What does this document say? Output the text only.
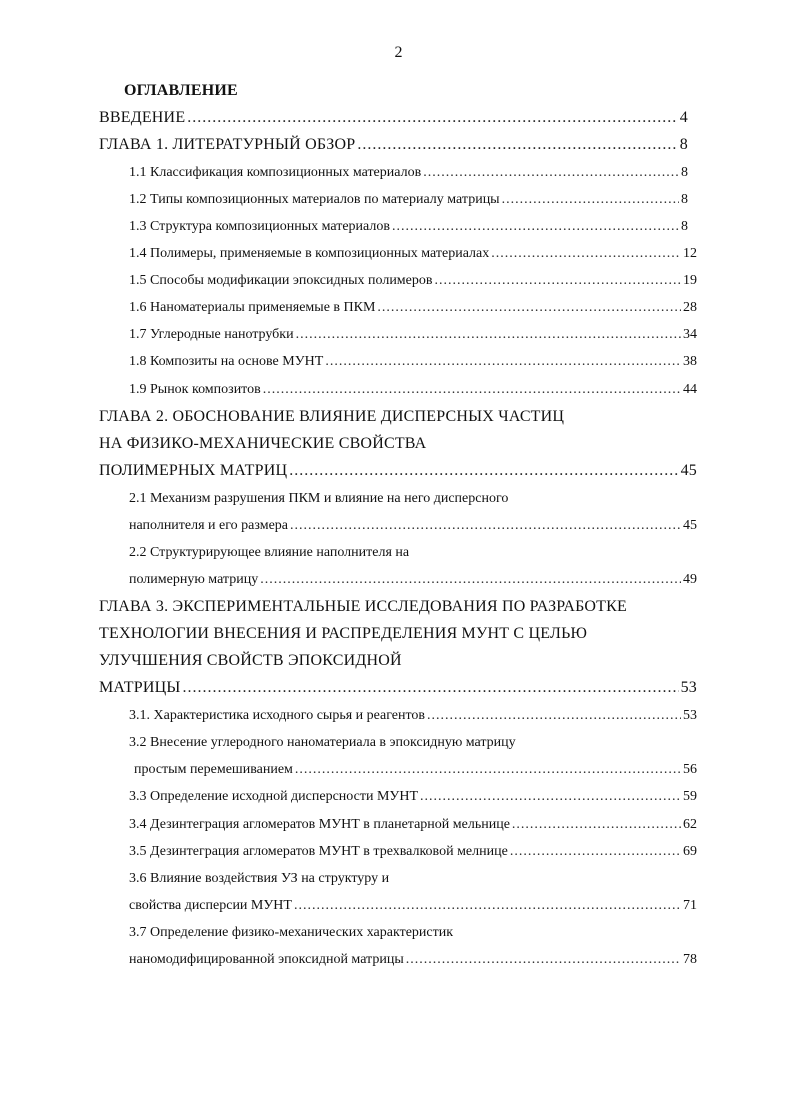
2
ОГЛАВЛЕНИЕ
ВВЕДЕНИЕ .....	4
ГЛАВА 1. ЛИТЕРАТУРНЫЙ ОБЗОР .....	8
1.1 Классификация композиционных материалов .....	8
1.2 Типы композиционных материалов по материалу матрицы .....	8
1.3 Структура композиционных материалов .....	8
1.4 Полимеры, применяемые в композиционных материалах .....	12
1.5 Способы модификации эпоксидных полимеров .....	19
1.6 Наноматериалы применяемые в ПКМ .....	28
1.7 Углеродные нанотрубки .....	34
1.8 Композиты на основе МУНТ .....	38
1.9 Рынок композитов .....	44
ГЛАВА 2. ОБОСНОВАНИЕ ВЛИЯНИЕ ДИСПЕРСНЫХ ЧАСТИЦ
НА ФИЗИКО-МЕХАНИЧЕСКИЕ СВОЙСТВА
ПОЛИМЕРНЫХ МАТРИЦ .....	45
2.1 Механизм разрушения ПКМ и влияние на него дисперсного
наполнителя и его размера .....	45
2.2 Структурирующее влияние наполнителя на
полимерную матрицу .....	49
ГЛАВА 3. ЭКСПЕРИМЕНТАЛЬНЫЕ ИССЛЕДОВАНИЯ ПО РАЗРАБОТКЕ
ТЕХНОЛОГИИ ВНЕСЕНИЯ И РАСПРЕДЕЛЕНИЯ МУНТ С ЦЕЛЬЮ
УЛУЧШЕНИЯ СВОЙСТВ ЭПОКСИДНОЙ
МАТРИЦЫ .....	53
3.1. Характеристика исходного сырья и реагентов .....	53
3.2 Внесение углеродного наноматериала в эпоксидную матрицу
простым перемешиванием .....	56
3.3 Определение исходной дисперсности МУНТ .....	59
3.4 Дезинтеграция агломератов МУНТ в планетарной мельнице .....	62
3.5 Дезинтеграция агломератов МУНТ в трехвалковой мелнице .....	69
3.6 Влияние воздействия УЗ на структуру и
свойства дисперсии МУНТ .....	71
3.7 Определение физико-механических характеристик
наномодифицированной эпоксидной матрицы .....	78
